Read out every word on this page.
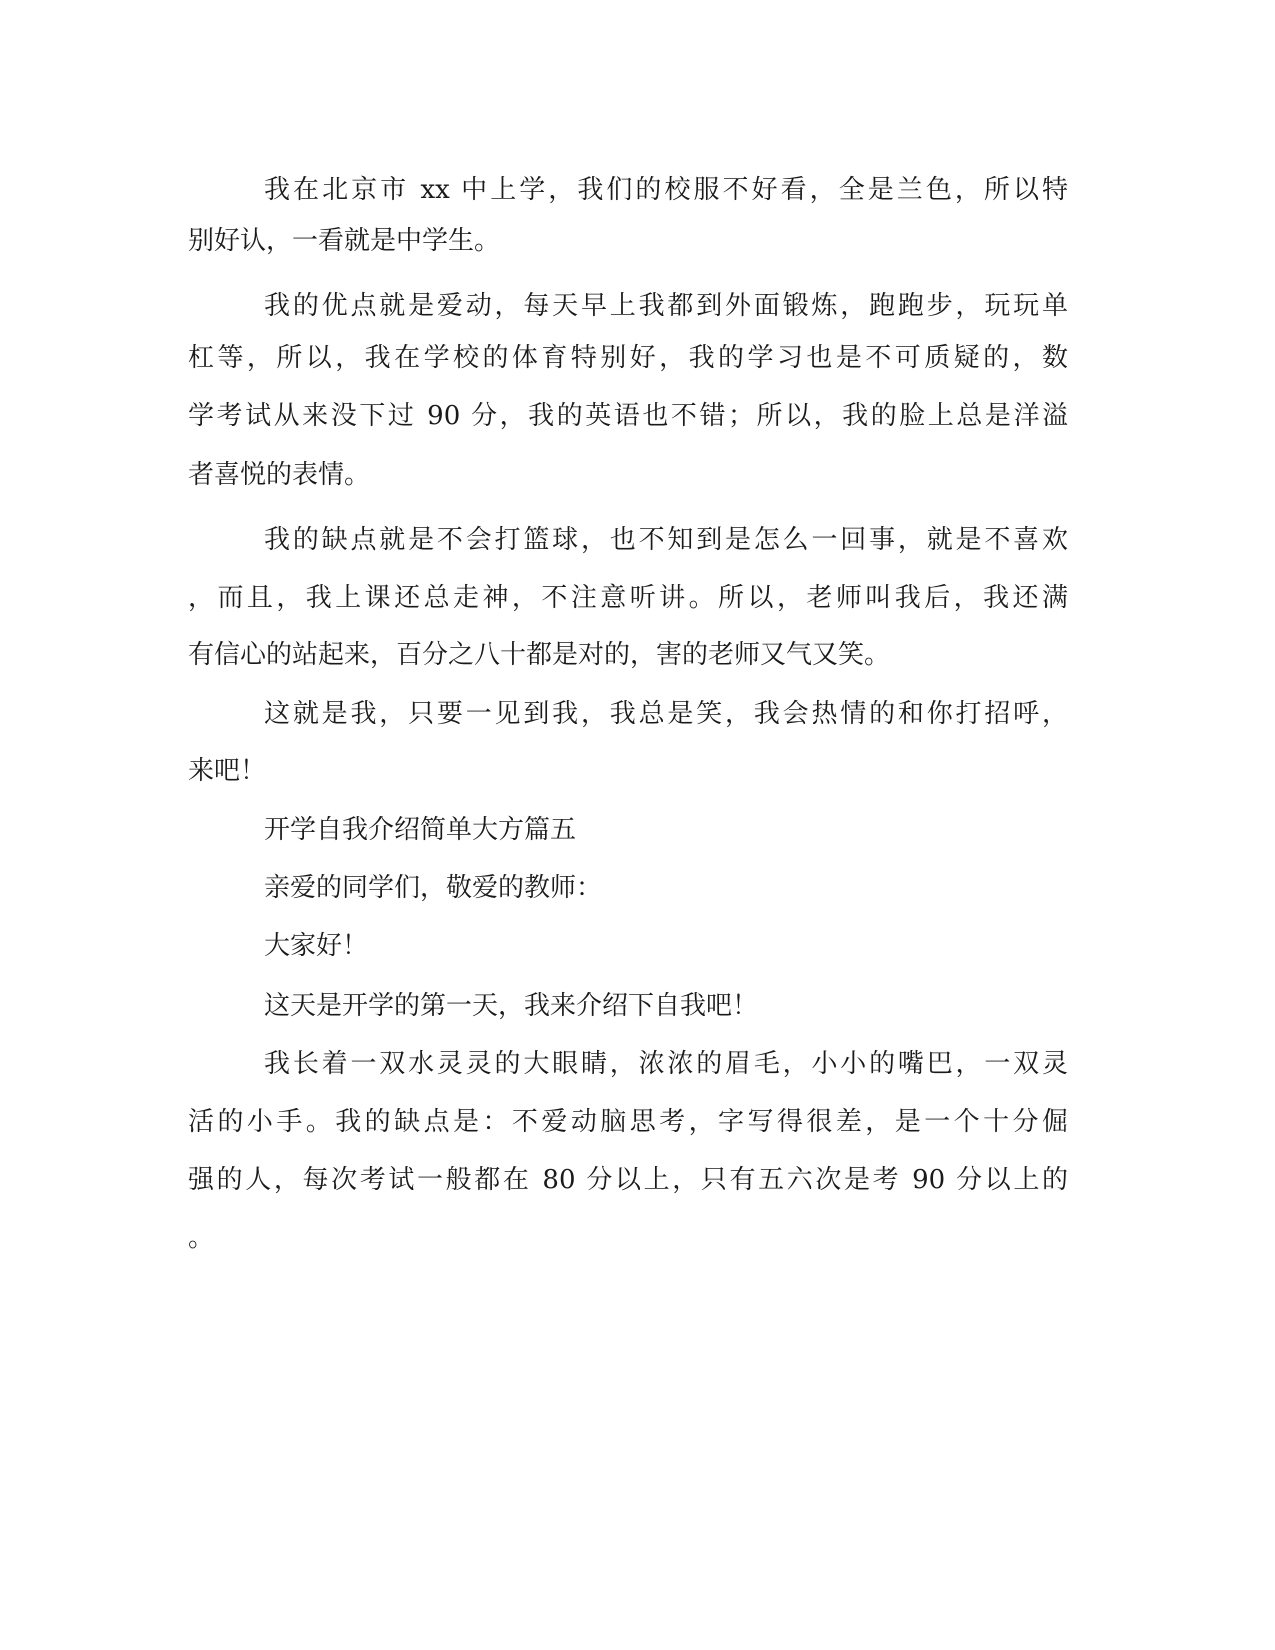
我在北京市 xx 中上学，我们的校服不好看，全是兰色，所以特
别好认，一看就是中学生。
我的优点就是爱动，每天早上我都到外面锻炼，跑跑步，玩玩单
杠等，所以，我在学校的体育特别好，我的学习也是不可质疑的，数
学考试从来没下过 90 分，我的英语也不错；所以，我的脸上总是洋溢
者喜悦的表情。
我的缺点就是不会打篮球，也不知到是怎么一回事，就是不喜欢
，而且，我上课还总走神，不注意听讲。所以，老师叫我后，我还满
有信心的站起来，百分之八十都是对的，害的老师又气又笑。
这就是我，只要一见到我，我总是笑，我会热情的和你打招呼，
来吧！
开学自我介绍简单大方篇五
亲爱的同学们，敬爱的教师：
大家好！
这天是开学的第一天，我来介绍下自我吧！
我长着一双水灵灵的大眼睛，浓浓的眉毛，小小的嘴巴，一双灵
活的小手。我的缺点是：不爱动脑思考，字写得很差，是一个十分倔
强的人，每次考试一般都在 80 分以上，只有五六次是考 90 分以上的
。
